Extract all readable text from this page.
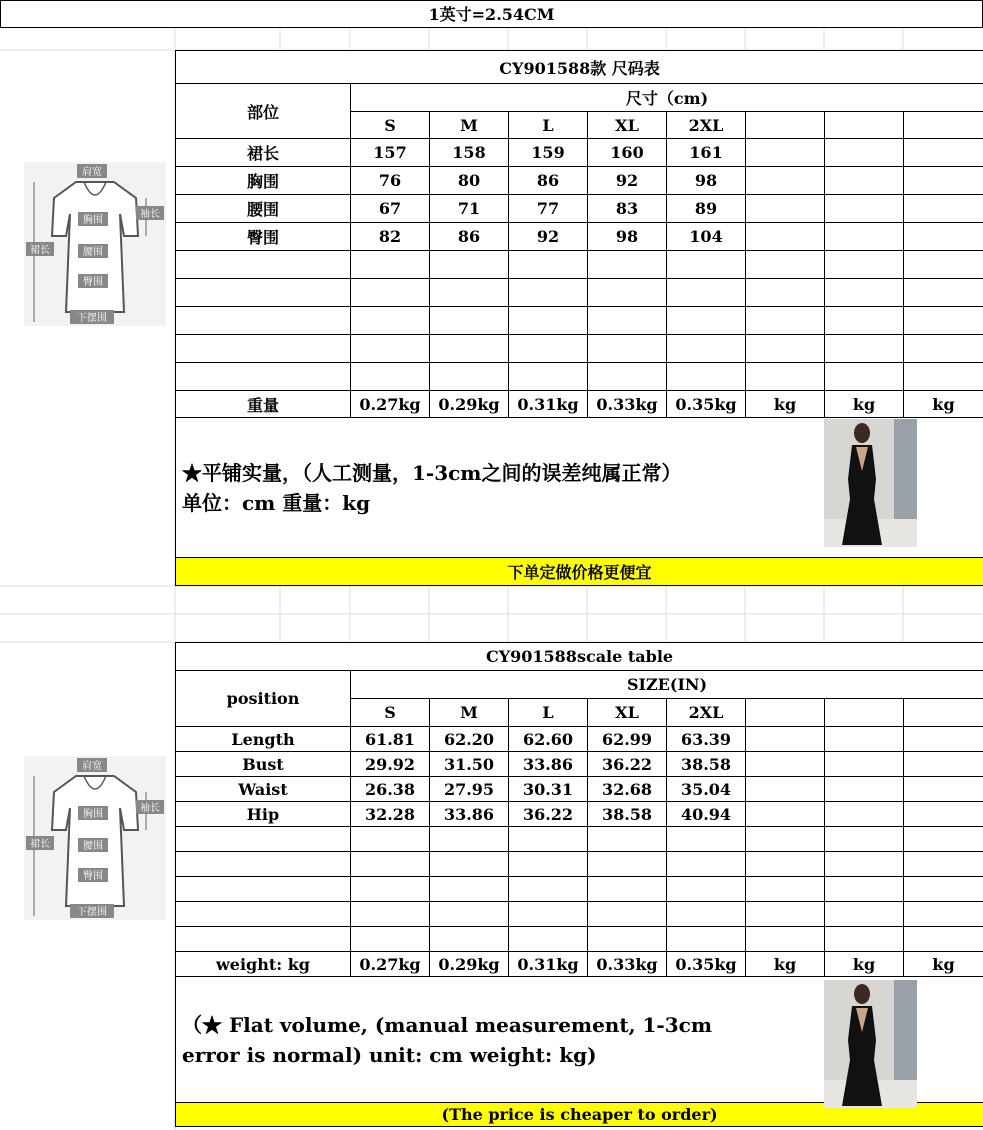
1英寸=2.54CM
CY901588款 尺码表								
部位	尺寸（cm)							
	S	M	L	XL	2XL			
裙长	157	158	159	160	161			
胸围	76	80	86	92	98			
腰围	67	71	77	83	89			
臀围	82	86	92	98	104			

重量	0.27kg	0.29kg	0.31kg	0.33kg	0.35kg	kg	kg	kg

★平铺实量，（人工测量，1-3cm之间的误差纯属正常）
单位：cm 重量：kg								

下单定做价格更便宜								
CY901588scale table								
position	SIZE(IN)							
	S	M	L	XL	2XL			
Length	61.81	62.20	62.60	62.99	63.39			
Bust	29.92	31.50	33.86	36.22	38.58			
Waist	26.38	27.95	30.31	32.68	35.04			
Hip	32.28	33.86	36.22	38.58	40.94			

weight: kg	0.27kg	0.29kg	0.31kg	0.33kg	0.35kg	kg	kg	kg

（★ Flat volume, (manual measurement, 1-3cm
error is normal) unit: cm weight: kg)								

(The price is cheaper to order)								
肩宽
袖长
裙长
胸围
腰围
臀围
下摆围
肩宽
袖长
裙长
胸围
腰围
臀围
下摆围
